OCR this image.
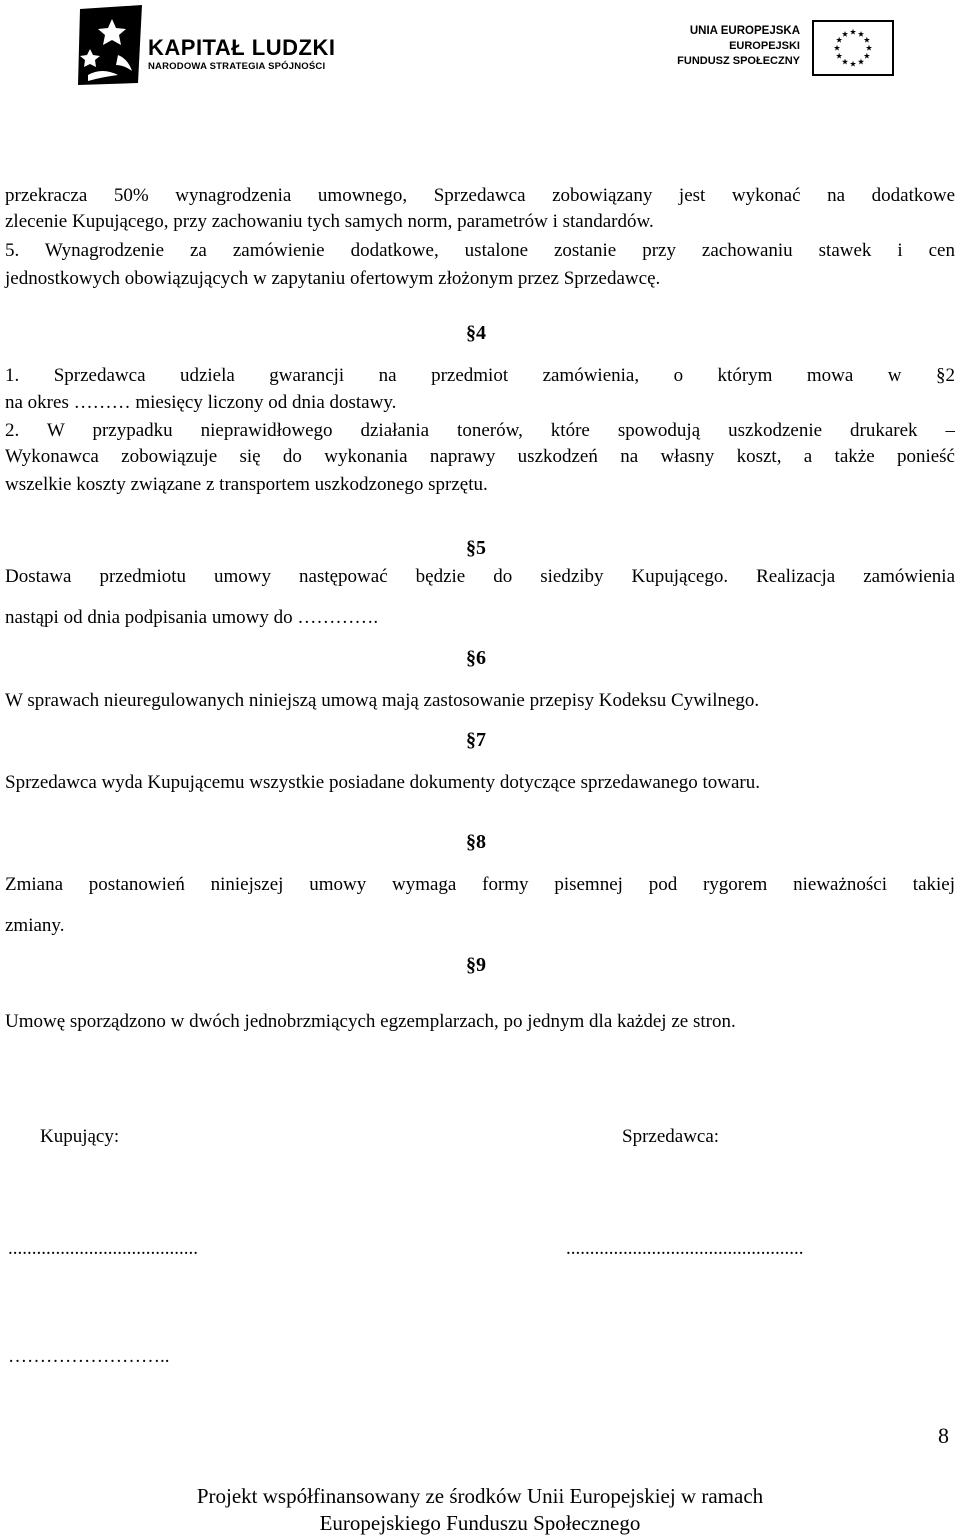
KAPITAŁ LUDZKI
NARODOWA STRATEGIA SPÓJNOŚCI
UNIA EUROPEJSKA
EUROPEJSKI
FUNDUSZ SPOŁECZNY
przekracza 50% wynagrodzenia umownego, Sprzedawca zobowiązany jest wykonać na dodatkowe
zlecenie Kupującego, przy zachowaniu tych samych norm, parametrów i standardów.
5. Wynagrodzenie za zamówienie dodatkowe, ustalone zostanie przy zachowaniu stawek i cen
jednostkowych obowiązujących w zapytaniu ofertowym złożonym przez Sprzedawcę.
§4
1. Sprzedawca udziela gwarancji na przedmiot zamówienia, o którym mowa w §2
na okres ……… miesięcy liczony od dnia dostawy.
2. W przypadku nieprawidłowego działania tonerów, które spowodują uszkodzenie drukarek –
Wykonawca zobowiązuje się do wykonania naprawy uszkodzeń na własny koszt, a także ponieść
wszelkie koszty związane z transportem uszkodzonego sprzętu.
§5
Dostawa przedmiotu umowy następować będzie do siedziby Kupującego. Realizacja zamówienia
nastąpi od dnia podpisania umowy do ………….
§6
W sprawach nieuregulowanych niniejszą umową mają zastosowanie przepisy Kodeksu Cywilnego.
§7
Sprzedawca wyda Kupującemu wszystkie posiadane dokumenty dotyczące sprzedawanego towaru.
§8
Zmiana postanowień niniejszej umowy wymaga formy pisemnej pod rygorem nieważności takiej
zmiany.
§9
Umowę sporządzono w dwóch jednobrzmiących egzemplarzach, po jednym dla każdej ze stron.
Kupujący:	Sprzedawca:
........................................	..................................................
……………………..
8
Projekt współfinansowany ze środków Unii Europejskiej w ramach
Europejskiego Funduszu Społecznego
